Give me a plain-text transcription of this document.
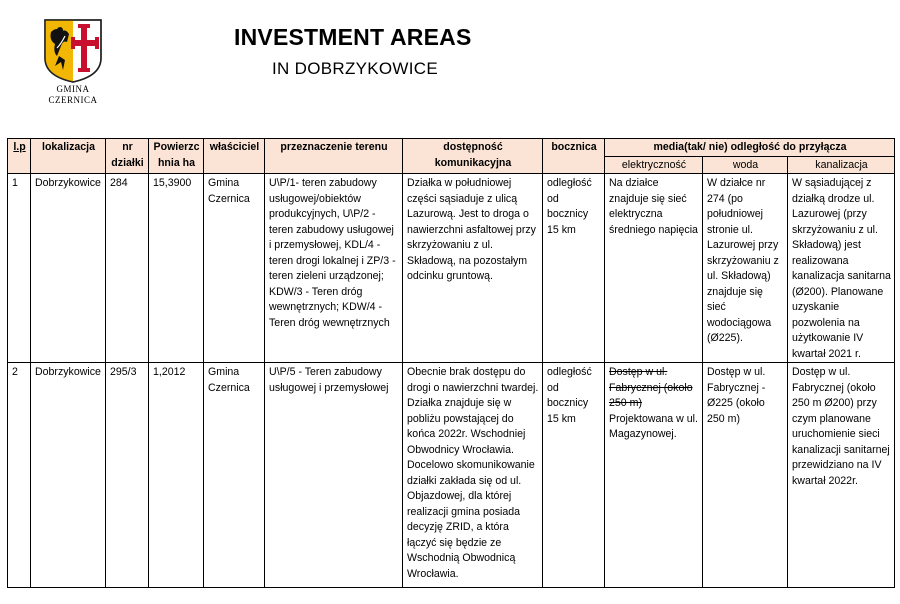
GMINA
CZERNICA
INVESTMENT AREAS
IN DOBRZYKOWICE
l.p	lokalizacja	nr działki	Powierzchnia ha	właściciel	przeznaczenie terenu	dostępność komunikacyjna	bocznica	media(tak/ nie) odległość do przyłącza		
								elektryczność	woda	kanalizacja
1	Dobrzykowice	284	15,3900	Gmina Czernica	U\P/1- teren zabudowy usługowej/obiektów produkcyjnych, U\P/2 - teren zabudowy usługowej i przemysłowej, KDL/4 - teren drogi lokalnej i ZP/3 - teren zieleni urządzonej; KDW/3 - Teren dróg wewnętrznych; KDW/4 - Teren dróg wewnętrznych	Działka w południowej części sąsiaduje z ulicą Lazurową. Jest to droga o nawierzchni asfaltowej przy skrzyżowaniu z ul. Składową, na pozostałym odcinku gruntową.	odległość od bocznicy 15 km	Na działce znajduje się sieć elektryczna średniego napięcia	W działce nr 274 (po południowej stronie ul. Lazurowej przy skrzyżowaniu z ul. Składową) znajduje się sieć wodociągowa (Ø225).	W sąsiadującej z działką drodze ul. Lazurowej (przy skrzyżowaniu z ul. Składową) jest realizowana kanalizacja sanitarna (Ø200). Planowane uzyskanie pozwolenia na użytkowanie IV kwartał 2021 r.
2	Dobrzykowice	295/3	1,2012	Gmina Czernica	U\P/5 - Teren zabudowy usługowej i przemysłowej	Obecnie brak dostępu do drogi o nawierzchni twardej. Działka znajduje się w pobliżu powstającej do końca 2022r. Wschodniej Obwodnicy Wrocławia. Docelowo skomunikowanie działki zakłada się od ul. Objazdowej, dla której realizacji gmina posiada decyzję ZRID, a która łączyć się będzie ze Wschodnią Obwodnicą Wrocławia.	odległość od bocznicy 15 km	Dostęp w ul. Fabrycznej (około 250 m) Projektowana w ul. Magazynowej.	Dostęp w ul. Fabrycznej - Ø225 (około 250 m)	Dostęp w ul. Fabrycznej (około 250 m Ø200) przy czym planowane uruchomienie sieci kanalizacji sanitarnej przewidziano na IV kwartał 2022r.
